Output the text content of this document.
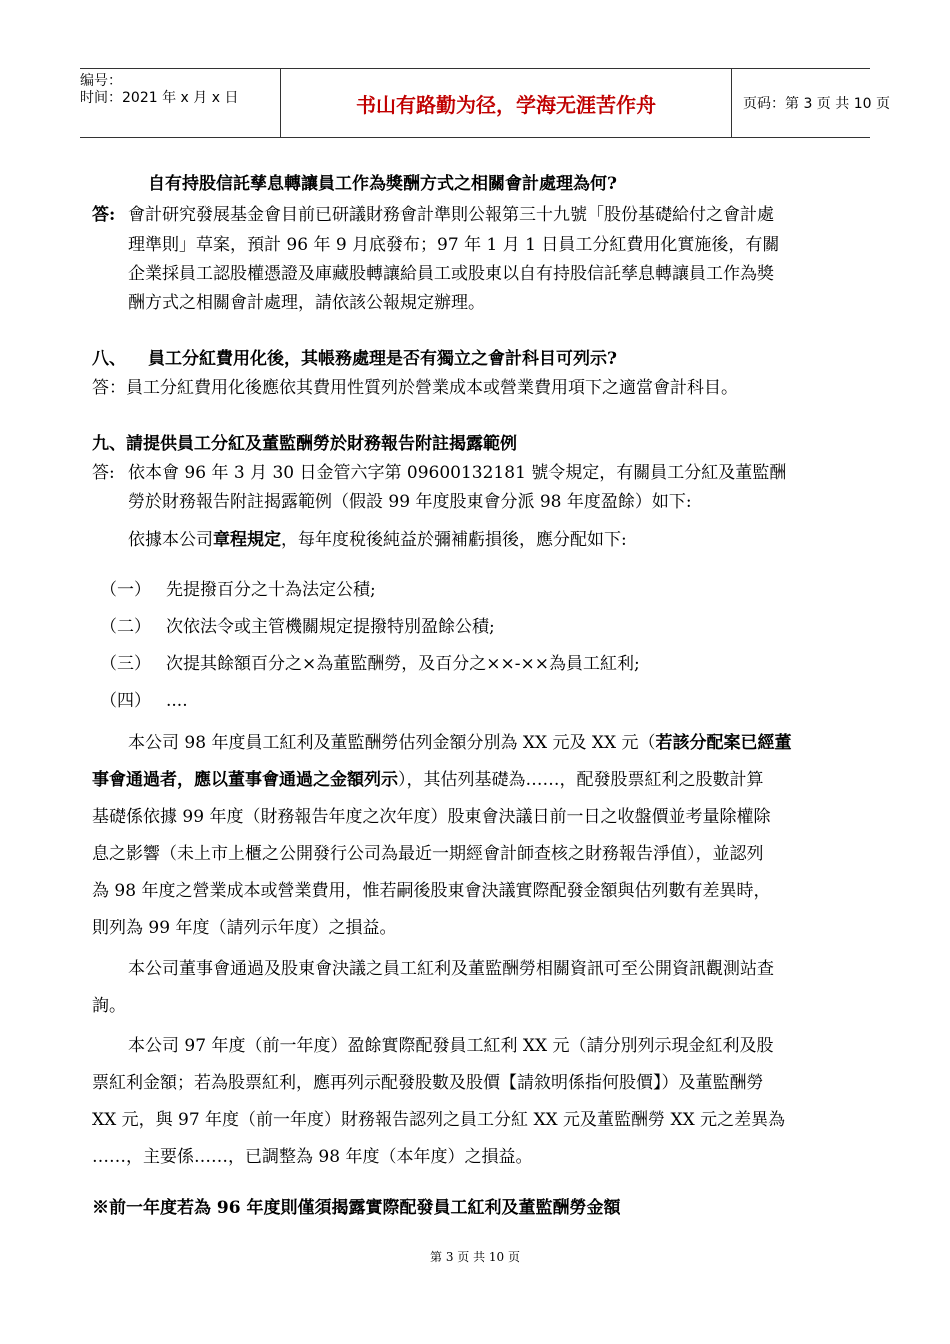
编号：
时间：2021 年 x 月 x 日	书山有路勤为径，学海无涯苦作舟	页码：第 3 页 共 10 页
自有持股信託孳息轉讓員工作為獎酬方式之相關會計處理為何?
答: 會計研究發展基金會目前已研議財務會計準則公報第三十九號「股份基礎給付之會計處
理準則」草案，預計 96 年 9 月底發布；97 年 1 月 1 日員工分紅費用化實施後，有關
企業採員工認股權憑證及庫藏股轉讓給員工或股東以自有持股信託孳息轉讓員工作為獎
酬方式之相關會計處理，請依該公報規定辦理。
八、 員工分紅費用化後，其帳務處理是否有獨立之會計科目可列示?
答：員工分紅費用化後應依其費用性質列於營業成本或營業費用項下之適當會計科目。
九、請提供員工分紅及董監酬勞於財務報告附註揭露範例
答: 依本會 96 年 3 月 30 日金管六字第 09600132181 號令規定，有關員工分紅及董監酬
勞於財務報告附註揭露範例（假設 99 年度股東會分派 98 年度盈餘）如下:
依據本公司章程規定，每年度稅後純益於彌補虧損後，應分配如下:
（一） 先提撥百分之十為法定公積;
（二） 次依法令或主管機關規定提撥特別盈餘公積;
（三） 次提其餘額百分之×為董監酬勞，及百分之××-××為員工紅利;
（四） ....
本公司 98 年度員工紅利及董監酬勞估列金額分別為 XX 元及 XX 元（若該分配案已經董
事會通過者，應以董事會通過之金額列示），其估列基礎為……，配發股票紅利之股數計算
基礎係依據 99 年度（財務報告年度之次年度）股東會決議日前一日之收盤價並考量除權除
息之影響（未上市上櫃之公開發行公司為最近一期經會計師查核之財務報告淨值），並認列
為 98 年度之營業成本或營業費用，惟若嗣後股東會決議實際配發金額與估列數有差異時，
則列為 99 年度（請列示年度）之損益。
本公司董事會通過及股東會決議之員工紅利及董監酬勞相關資訊可至公開資訊觀測站查
詢。
本公司 97 年度（前一年度）盈餘實際配發員工紅利 XX 元（請分別列示現金紅利及股
票紅利金額；若為股票紅利，應再列示配發股數及股價【請敘明係指何股價】）及董監酬勞
XX 元，與 97 年度（前一年度）財務報告認列之員工分紅 XX 元及董監酬勞 XX 元之差異為
……，主要係……，已調整為 98 年度（本年度）之損益。
※前一年度若為 96 年度則僅須揭露實際配發員工紅利及董監酬勞金額
第 3 页 共 10 页
